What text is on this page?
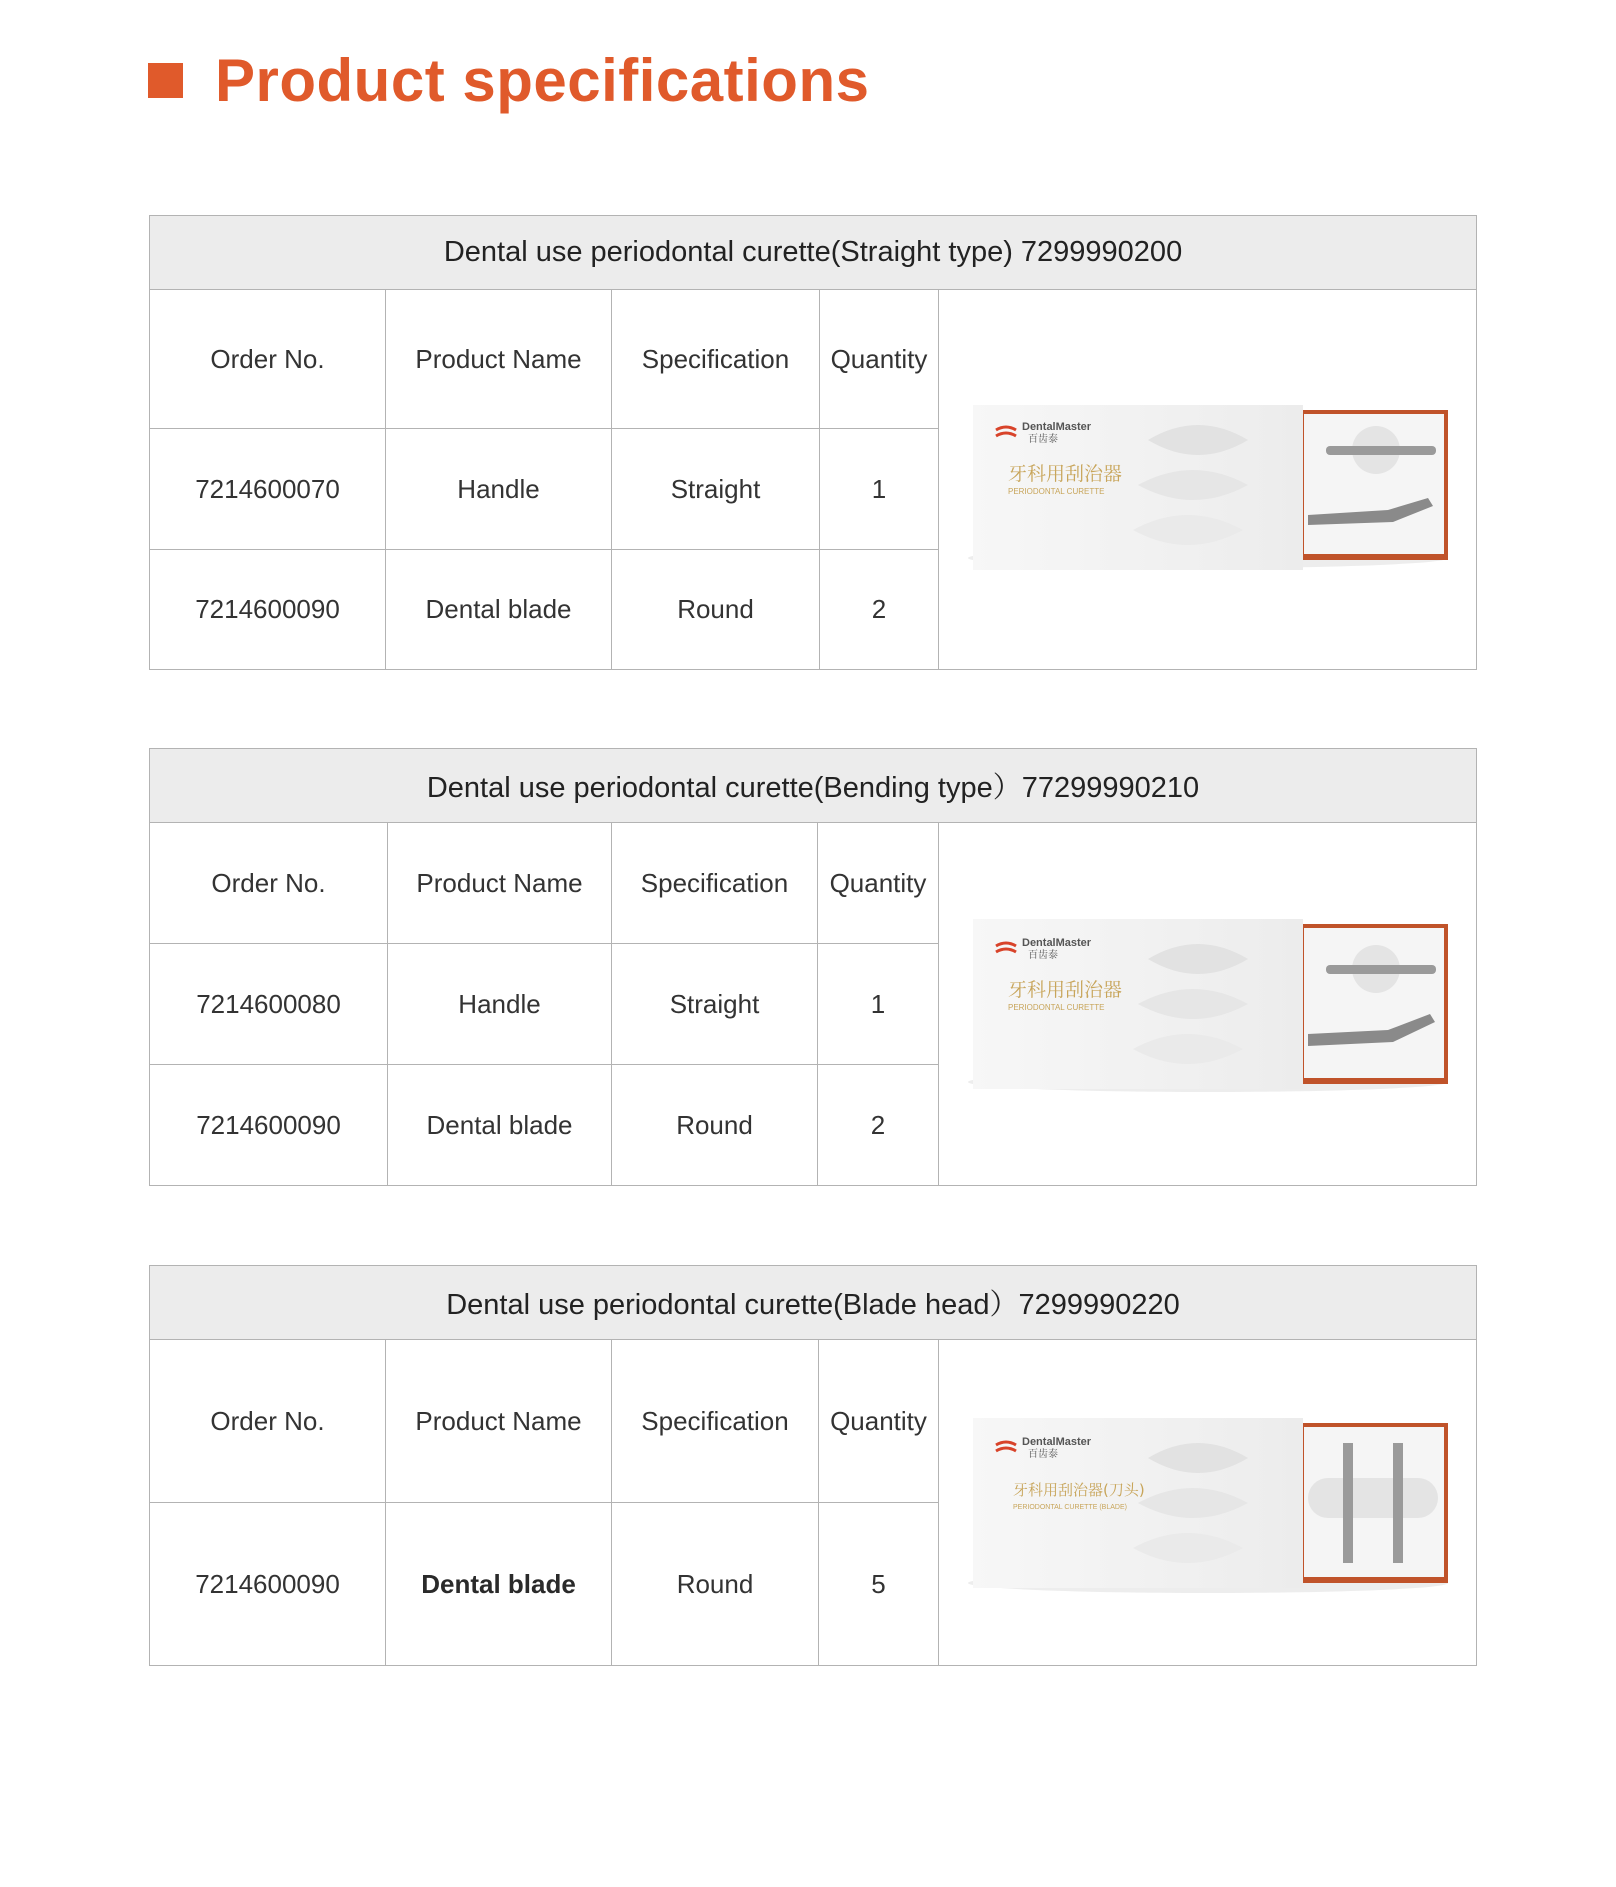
Product specifications
Dental use periodontal curette(Straight type) 7299990200				
Order No.	Product Name	Specification	Quantity	DentalMaster
百齿泰
牙科用刮治器
PERIODONTAL CURETTE

7214600070	Handle	Straight	1	
7214600090	Dental blade	Round	2	
Dental use periodontal curette(Bending type）77299990210				
Order No.	Product Name	Specification	Quantity	DentalMaster
百齿泰
牙科用刮治器
PERIODONTAL CURETTE

7214600080	Handle	Straight	1	
7214600090	Dental blade	Round	2	
Dental use periodontal curette(Blade head）7299990220				
Order No.	Product Name	Specification	Quantity	DentalMaster
百齿泰
牙科用刮治器(刀头)
PERIODONTAL CURETTE (BLADE)

7214600090	Dental blade	Round	5	
